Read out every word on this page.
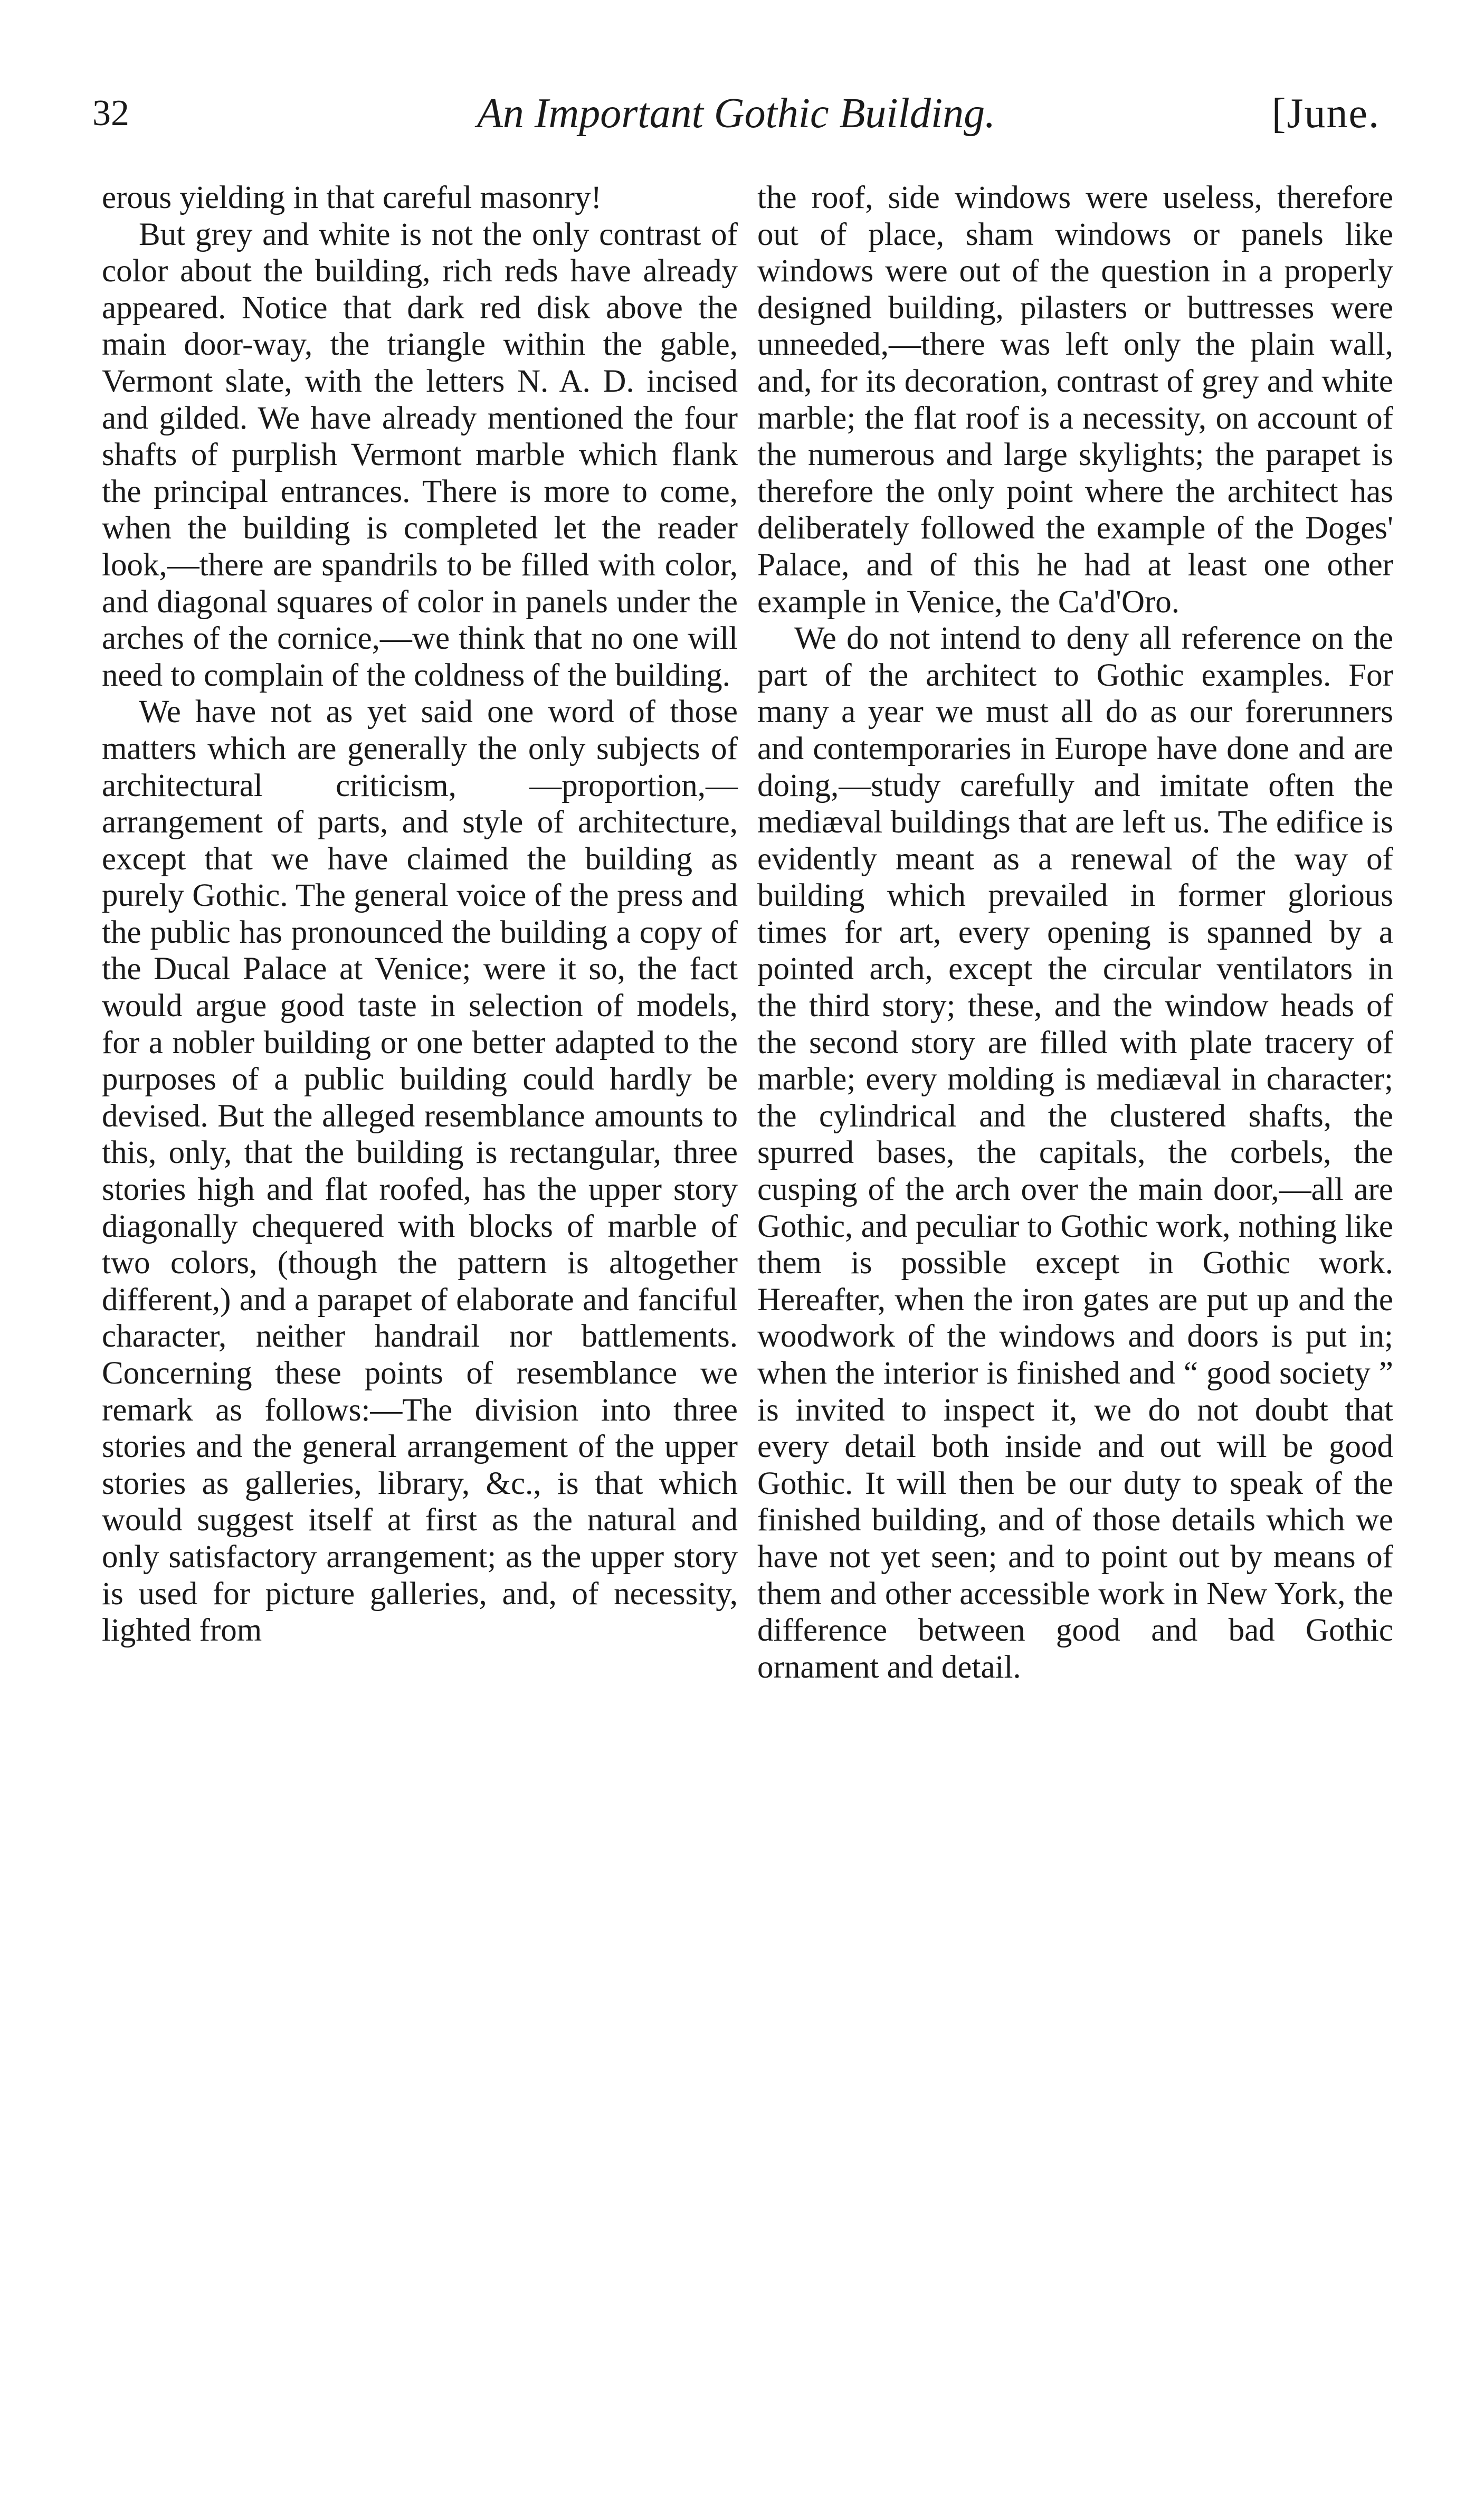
32	An Important Gothic Building.	[June.

erous yielding in that careful masonry!

But grey and white is not the only contrast of color about the building, rich reds have already appeared. Notice that dark red disk above the main door-way, the triangle within the gable, Vermont slate, with the letters N. A. D. incised and gilded. We have already mentioned the four shafts of purplish Vermont marble which flank the principal entrances. There is more to come, when the building is completed let the reader look,—there are spandrils to be filled with color, and diagonal squares of color in panels under the arches of the cornice,—we think that no one will need to complain of the coldness of the building.

We have not as yet said one word of those matters which are generally the only subjects of architectural criticism, —proportion,—arrangement of parts, and style of architecture, except that we have claimed the building as purely Gothic. The general voice of the press and the public has pronounced the building a copy of the Ducal Palace at Venice; were it so, the fact would argue good taste in selection of models, for a nobler building or one better adapted to the purposes of a public building could hardly be devised. But the alleged resemblance amounts to this, only, that the building is rectangular, three stories high and flat roofed, has the upper story diagonally chequered with blocks of marble of two colors, (though the pattern is altogether different,) and a parapet of elaborate and fanciful character, neither handrail nor battlements. Concerning these points of resemblance we remark as follows:—The division into three stories and the general arrangement of the upper stories as galleries, library, &c., is that which would suggest itself at first as the natural and only satisfactory arrangement; as the upper story is used for picture galleries, and, of necessity, lighted from

the roof, side windows were useless, therefore out of place, sham windows or panels like windows were out of the question in a properly designed building, pilasters or buttresses were unneeded,—there was left only the plain wall, and, for its decoration, contrast of grey and white marble; the flat roof is a necessity, on account of the numerous and large skylights; the parapet is therefore the only point where the architect has deliberately followed the example of the Doges' Palace, and of this he had at least one other example in Venice, the Ca'd'Oro.

We do not intend to deny all reference on the part of the architect to Gothic examples. For many a year we must all do as our forerunners and contemporaries in Europe have done and are doing,—study carefully and imitate often the mediæval buildings that are left us. The edifice is evidently meant as a renewal of the way of building which prevailed in former glorious times for art, every opening is spanned by a pointed arch, except the circular ventilators in the third story; these, and the window heads of the second story are filled with plate tracery of marble; every molding is mediæval in character; the cylindrical and the clustered shafts, the spurred bases, the capitals, the corbels, the cusping of the arch over the main door,—all are Gothic, and peculiar to Gothic work, nothing like them is possible except in Gothic work. Hereafter, when the iron gates are put up and the woodwork of the windows and doors is put in; when the interior is finished and “ good society ” is invited to inspect it, we do not doubt that every detail both inside and out will be good Gothic. It will then be our duty to speak of the finished building, and of those details which we have not yet seen; and to point out by means of them and other accessible work in New York, the difference between good and bad Gothic ornament and detail.
